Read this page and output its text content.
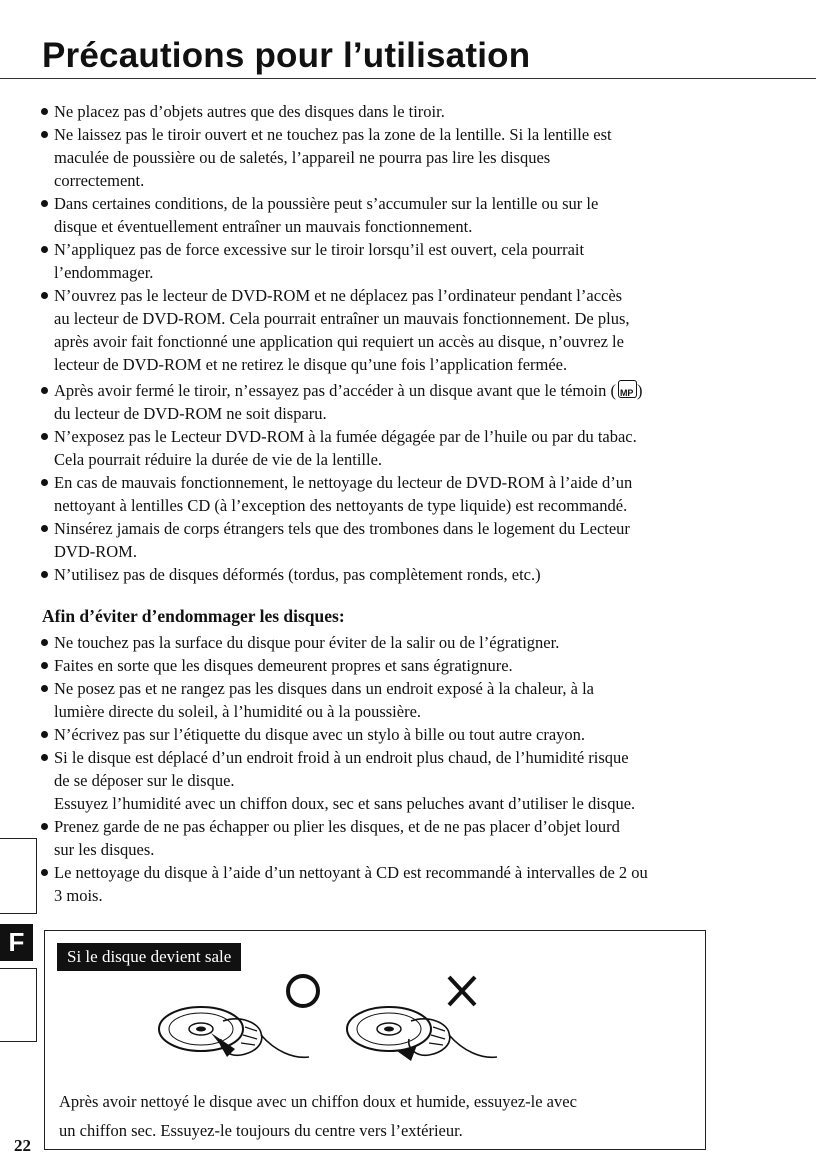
Précautions pour l’utilisation
Ne placez pas d’objets autres que des disques dans le tiroir.
Ne laissez pas le tiroir ouvert et ne touchez pas la zone de la lentille. Si la lentille est
maculée de poussière ou de saletés, l’appareil ne pourra pas lire les disques
correctement.
Dans certaines conditions, de la poussière peut s’accumuler sur la lentille ou sur le
disque et éventuellement entraîner un mauvais fonctionnement.
N’appliquez pas de force excessive sur le tiroir lorsqu’il est ouvert, cela pourrait
l’endommager.
N’ouvrez pas le lecteur de DVD-ROM et ne déplacez pas l’ordinateur pendant l’accès
au lecteur de DVD-ROM. Cela pourrait entraîner un mauvais fonctionnement. De plus,
après avoir fait fonctionné une application qui requiert un accès au disque, n’ouvrez le
lecteur de DVD-ROM et ne retirez le disque qu’une fois l’application fermée.
Après avoir fermé le tiroir, n’essayez pas d’accéder à un disque avant que le témoin ( MP )
du lecteur de DVD-ROM ne soit disparu.
N’exposez pas le Lecteur DVD-ROM à la fumée dégagée par de l’huile ou par du tabac.
Cela pourrait réduire la durée de vie de la lentille.
En cas de mauvais fonctionnement, le nettoyage du lecteur de DVD-ROM à l’aide d’un
nettoyant à lentilles CD (à l’exception des nettoyants de type liquide) est recommandé.
Ninsérez jamais de corps étrangers tels que des trombones dans le logement du Lecteur
DVD-ROM.
N’utilisez pas de disques déformés (tordus, pas complètement ronds, etc.)
Afin d’éviter d’endommager les disques:
Ne touchez pas la surface du disque pour éviter de la salir ou de l’égratigner.
Faites en sorte que les disques demeurent propres et sans égratignure.
Ne posez pas et ne rangez pas les disques dans un endroit exposé à la chaleur, à la
lumière directe du soleil, à l’humidité ou à la poussière.
N’écrivez pas sur l’étiquette du disque avec un stylo à bille ou tout autre crayon.
Si le disque est déplacé d’un endroit froid à un endroit plus chaud, de l’humidité risque
de se déposer sur le disque.
Essuyez l’humidité avec un chiffon doux, sec et sans peluches avant d’utiliser le disque.
Prenez garde de ne pas échapper ou plier les disques, et de ne pas placer d’objet lourd
sur les disques.
Le nettoyage du disque à l’aide d’un nettoyant à CD est recommandé à intervalles de 2 ou
3 mois.
F	Si le disque devient sale
Après avoir nettoyé le disque avec un chiffon doux et humide, essuyez-le avec
un chiffon sec. Essuyez-le toujours du centre vers l’extérieur.
22
